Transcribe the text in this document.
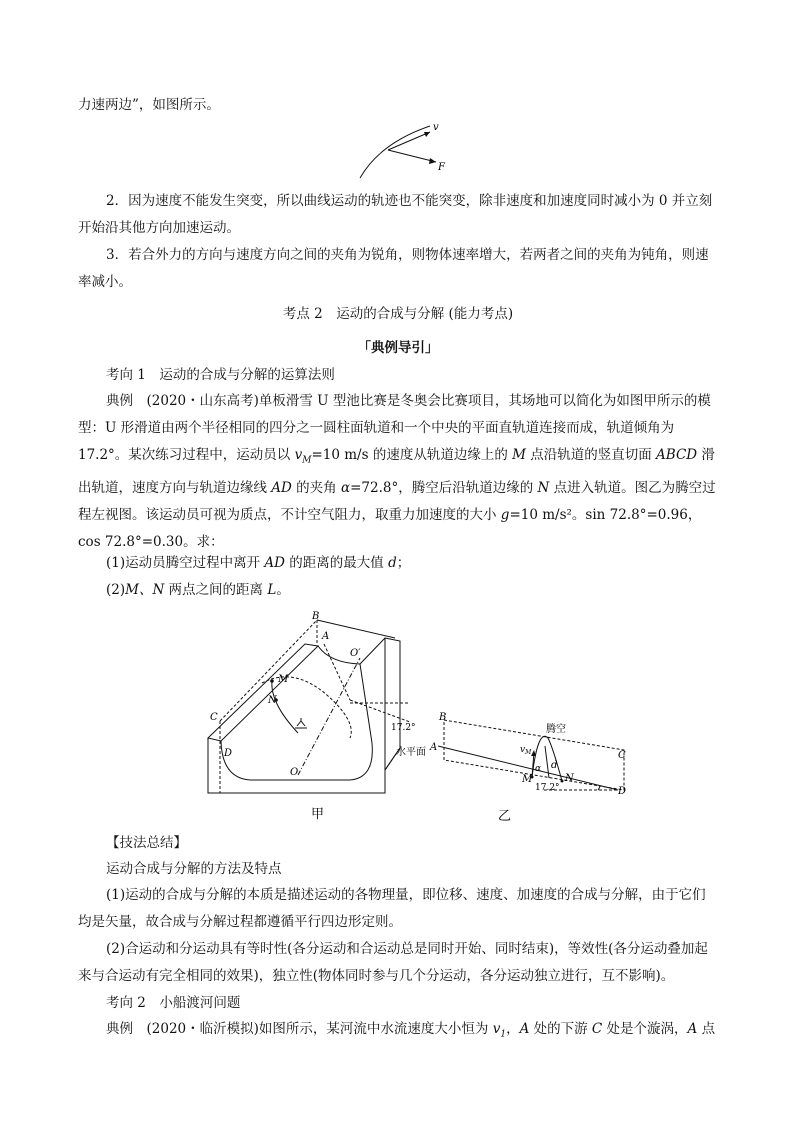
力速两边”，如图所示。

v
F

2．因为速度不能发生突变，所以曲线运动的轨迹也不能突变，除非速度和加速度同时减小为 0 并立刻开始沿其他方向加速运动。

3．若合外力的方向与速度方向之间的夹角为锐角，则物体速率增大，若两者之间的夹角为钝角，则速率减小。

考点 2　运动的合成与分解 (能力考点)

「典例导引」

考向 1　运动的合成与分解的运算法则

典例　(2020・山东高考)单板滑雪 U 型池比赛是冬奥会比赛项目，其场地可以简化为如图甲所示的模型：U 形滑道由两个半径相同的四分之一圆柱面轨道和一个中央的平面直轨道连接而成，轨道倾角为 17.2°。某次练习过程中，运动员以 $v_M=10$ m/s 的速度从轨道边缘上的 M 点沿轨道的竖直切面 ABCD 滑出轨道，速度方向与轨道边缘线 AD 的夹角 α=72.8°，腾空后沿轨道边缘的 N 点进入轨道。图乙为腾空过程左视图。该运动员可视为质点，不计空气阻力，取重力加速度的大小 g=10 m/s²。sin 72.8°=0.96，cos 72.8°=0.30。求：

(1)运动员腾空过程中离开 AD 的距离的最大值 d；

(2)M、N 两点之间的距离 L。

B
A
O′
M
N
C
D
O
17.2°
水平面
甲
B
A
C
D
M	N
$v_M$
α d
17.2°
腾空
乙

【技法总结】

运动合成与分解的方法及特点

(1)运动的合成与分解的本质是描述运动的各物理量，即位移、速度、加速度的合成与分解，由于它们均是矢量，故合成与分解过程都遵循平行四边形定则。

(2)合运动和分运动具有等时性(各分运动和合运动总是同时开始、同时结束)，等效性(各分运动叠加起来与合运动有完全相同的效果)，独立性(物体同时参与几个分运动，各分运动独立进行，互不影响)。

考向 2　小船渡河问题

典例　(2020・临沂模拟)如图所示，某河流中水流速度大小恒为 $v_1$，A 处的下游 C 处是个漩涡，A 点
